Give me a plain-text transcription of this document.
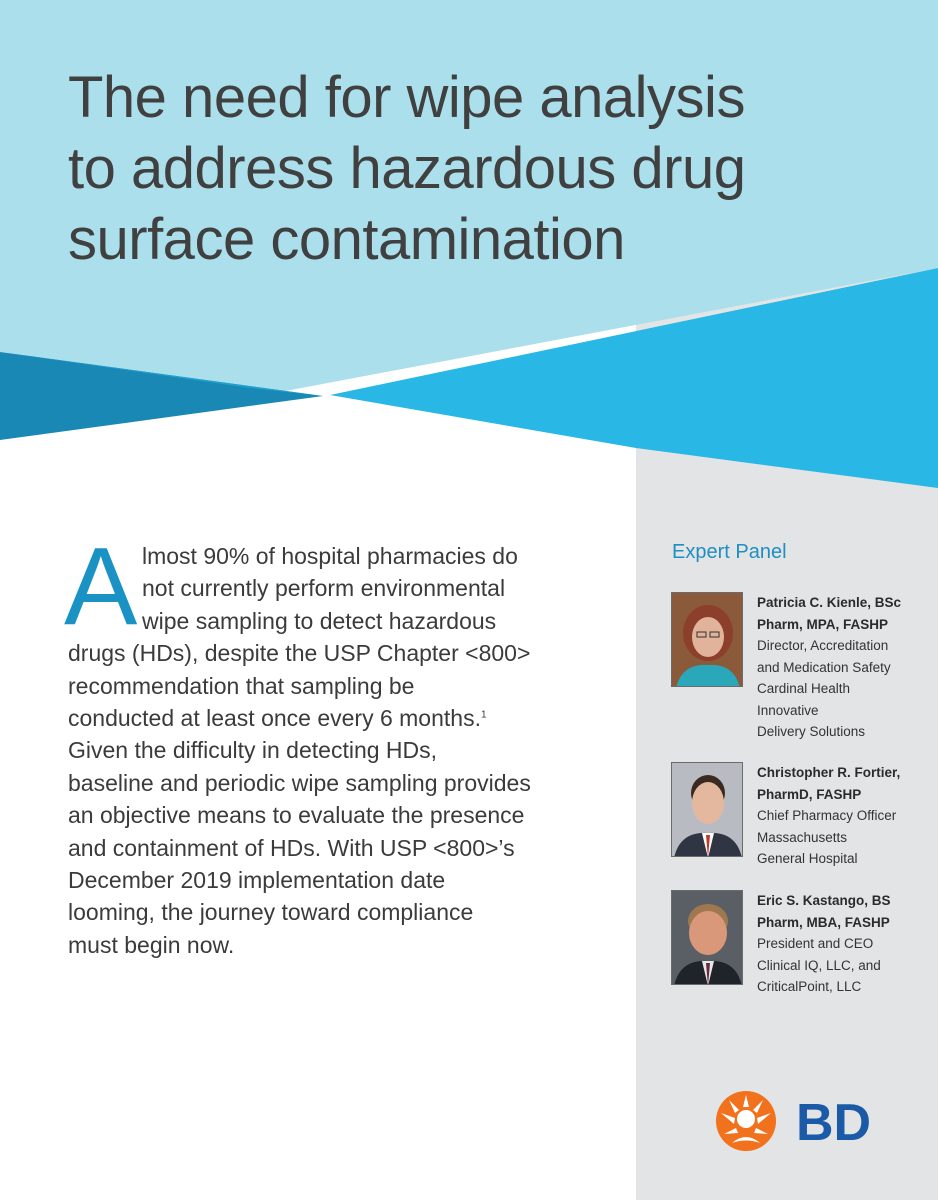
The need for wipe analysis
to address hazardous drug
surface contamination
A lmost 90% of hospital pharmacies do
not currently perform environmental
wipe sampling to detect hazardous
drugs (HDs), despite the USP Chapter <800>
recommendation that sampling be
conducted at least once every 6 months.$^1$
Given the difficulty in detecting HDs,
baseline and periodic wipe sampling provides
an objective means to evaluate the presence
and containment of HDs. With USP <800>’s
December 2019 implementation date
looming, the journey toward compliance
must begin now.
Expert Panel
Patricia C. Kienle, BSc
Pharm, MPA, FASHP
Director, Accreditation
and Medication Safety
Cardinal Health
Innovative
Delivery Solutions
Christopher R. Fortier,
PharmD, FASHP
Chief Pharmacy Officer
Massachusetts
General Hospital
Eric S. Kastango, BS
Pharm, MBA, FASHP
President and CEO
Clinical IQ, LLC, and
CriticalPoint, LLC
BD
